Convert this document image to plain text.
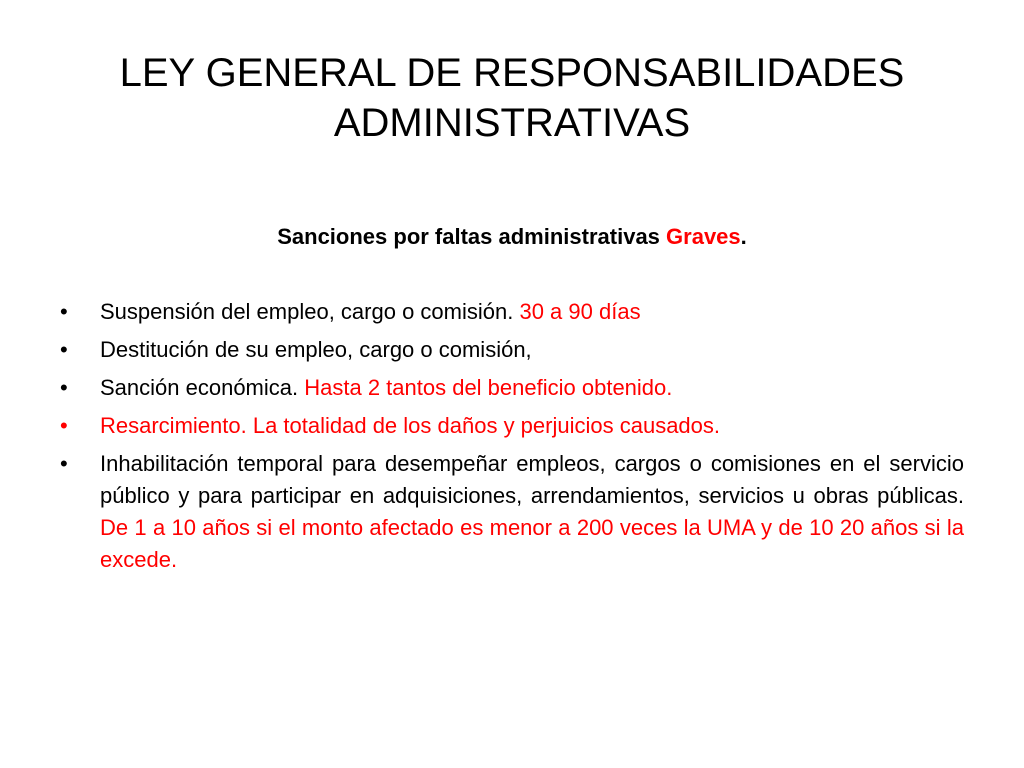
LEY GENERAL DE RESPONSABILIDADES
ADMINISTRATIVAS

Sanciones por faltas administrativas Graves.

•	Suspensión del empleo, cargo o comisión. 30 a 90 días
•	Destitución de su empleo, cargo o comisión,
•	Sanción económica. Hasta 2 tantos del beneficio obtenido.
•	Resarcimiento. La totalidad de los daños y perjuicios causados.
•	Inhabilitación temporal para desempeñar empleos, cargos o comisiones en el servicio público y para participar en adquisiciones, arrendamientos, servicios u obras públicas. De 1 a 10 años si el monto afectado es menor a 200 veces la UMA y de 10 20 años si la excede.
